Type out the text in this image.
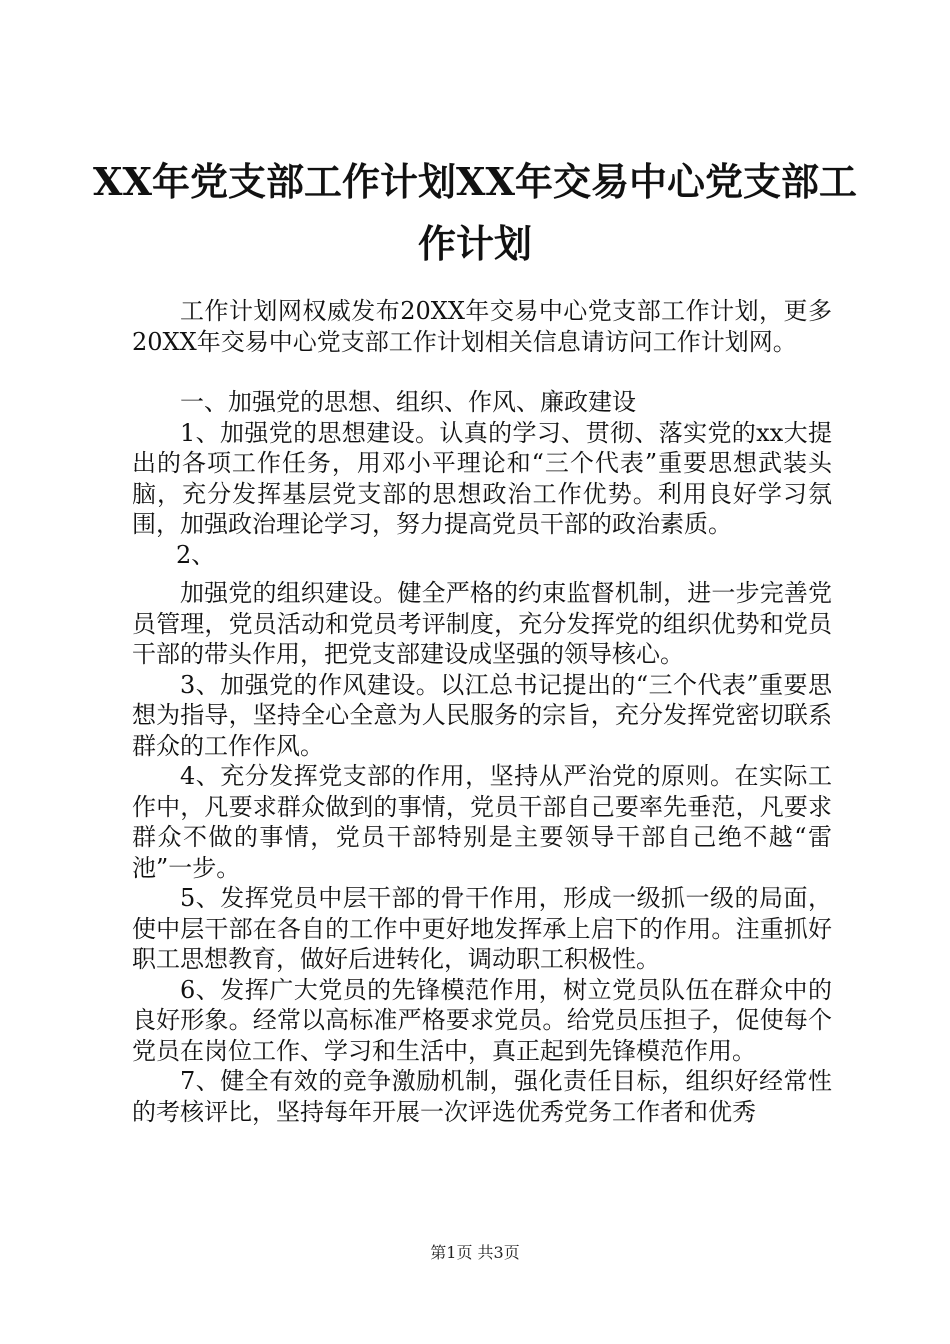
XX年党支部工作计划XX年交易中心党支部工
作计划

工作计划网权威发布20XX年交易中心党支部工作计划，更多20XX年交易中心党支部工作计划相关信息请访问工作计划网。

一、加强党的思想、组织、作风、廉政建设

1、加强党的思想建设。认真的学习、贯彻、落实党的xx大提出的各项工作任务，用邓小平理论和“三个代表”重要思想武装头脑，充分发挥基层党支部的思想政治工作优势。利用良好学习氛围，加强政治理论学习，努力提高党员干部的政治素质。

2、

加强党的组织建设。健全严格的约束监督机制，进一步完善党员管理，党员活动和党员考评制度，充分发挥党的组织优势和党员干部的带头作用，把党支部建设成坚强的领导核心。

3、加强党的作风建设。以江总书记提出的“三个代表”重要思想为指导，坚持全心全意为人民服务的宗旨，充分发挥党密切联系群众的工作作风。

4、充分发挥党支部的作用，坚持从严治党的原则。在实际工作中，凡要求群众做到的事情，党员干部自己要率先垂范，凡要求群众不做的事情，党员干部特别是主要领导干部自己绝不越“雷池”一步。

5、发挥党员中层干部的骨干作用，形成一级抓一级的局面，使中层干部在各自的工作中更好地发挥承上启下的作用。注重抓好职工思想教育，做好后进转化，调动职工积极性。

6、发挥广大党员的先锋模范作用，树立党员队伍在群众中的良好形象。经常以高标准严格要求党员。给党员压担子，促使每个党员在岗位工作、学习和生活中，真正起到先锋模范作用。

7、健全有效的竞争激励机制，强化责任目标，组织好经常性的考核评比，坚持每年开展一次评选优秀党务工作者和优秀

第1页 共3页
